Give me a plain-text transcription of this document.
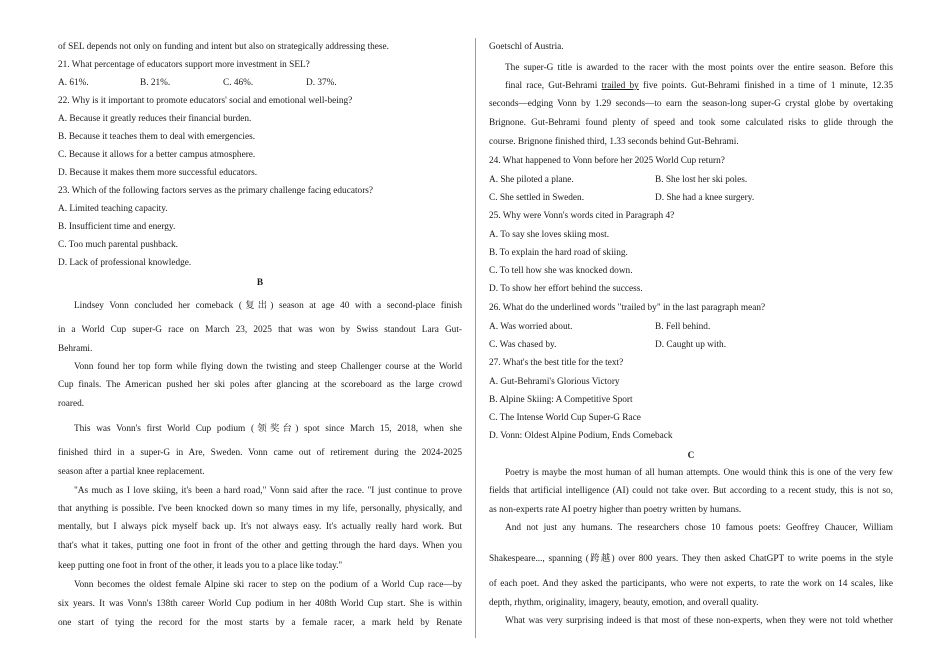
of SEL depends not only on funding and intent but also on strategically addressing these.
21. What percentage of educators support more investment in SEL?
A. 61%.	B. 21%.	C. 46%.	D. 37%.
22. Why is it important to promote educators' social and emotional well-being?
A. Because it greatly reduces their financial burden.
B. Because it teaches them to deal with emergencies.
C. Because it allows for a better campus atmosphere.
D. Because it makes them more successful educators.
23. Which of the following factors serves as the primary challenge facing educators?
A. Limited teaching capacity.
B. Insufficient time and energy.
C. Too much parental pushback.
D. Lack of professional knowledge.
B
Lindsey Vonn concluded her comeback (复出) season at age 40 with a second-place finish
in a World Cup super-G race on March 23, 2025 that was won by Swiss standout Lara Gut-
Behrami.
Vonn found her top form while flying down the twisting and steep Challenger course at the World
Cup finals. The American pushed her ski poles after glancing at the scoreboard as the large crowd
roared.
This was Vonn's first World Cup podium (领奖台) spot since March 15, 2018, when she
finished third in a super-G in Are, Sweden. Vonn came out of retirement during the 2024-2025
season after a partial knee replacement.
"As much as I love skiing, it's been a hard road," Vonn said after the race. "I just continue to prove
that anything is possible. I've been knocked down so many times in my life, personally, physically, and
mentally, but I always pick myself back up. It's not always easy. It's actually really hard work. But
that's what it takes, putting one foot in front of the other and getting through the hard days. When you
keep putting one foot in front of the other, it leads you to a place like today."
Vonn becomes the oldest female Alpine ski racer to step on the podium of a World Cup race—by
six years. It was Vonn's 138th career World Cup podium in her 408th World Cup start. She is within
one start of tying the record for the most starts by a female racer, a mark held by Renate
Goetschl of Austria.
The super-G title is awarded to the racer with the most points over the entire season. Before this
final race, Gut-Behrami trailed by five points. Gut-Behrami finished in a time of 1 minute, 12.35
seconds—edging Vonn by 1.29 seconds—to earn the season-long super-G crystal globe by overtaking
Brignone. Gut-Behrami found plenty of speed and took some calculated risks to glide through the
course. Brignone finished third, 1.33 seconds behind Gut-Behrami.
24. What happened to Vonn before her 2025 World Cup return?
A. She piloted a plane.	B. She lost her ski poles.
C. She settled in Sweden.	D. She had a knee surgery.
25. Why were Vonn's words cited in Paragraph 4?
A. To say she loves skiing most.
B. To explain the hard road of skiing.
C. To tell how she was knocked down.
D. To show her effort behind the success.
26. What do the underlined words "trailed by" in the last paragraph mean?
A. Was worried about.	B. Fell behind.
C. Was chased by.	D. Caught up with.
27. What's the best title for the text?
A. Gut-Behrami's Glorious Victory
B. Alpine Skiing: A Competitive Sport
C. The Intense World Cup Super-G Race
D. Vonn: Oldest Alpine Podium, Ends Comeback
C
Poetry is maybe the most human of all human attempts. One would think this is one of the very few
fields that artificial intelligence (AI) could not take over. But according to a recent study, this is not so,
as non-experts rate AI poetry higher than poetry written by humans.
And not just any humans. The researchers chose 10 famous poets: Geoffrey Chaucer, William
Shakespeare..., spanning (跨越) over 800 years. They then asked ChatGPT to write poems in the style
of each poet. And they asked the participants, who were not experts, to rate the work on 14 scales, like
depth, rhythm, originality, imagery, beauty, emotion, and overall quality.
What was very surprising indeed is that most of these non-experts, when they were not told whether
